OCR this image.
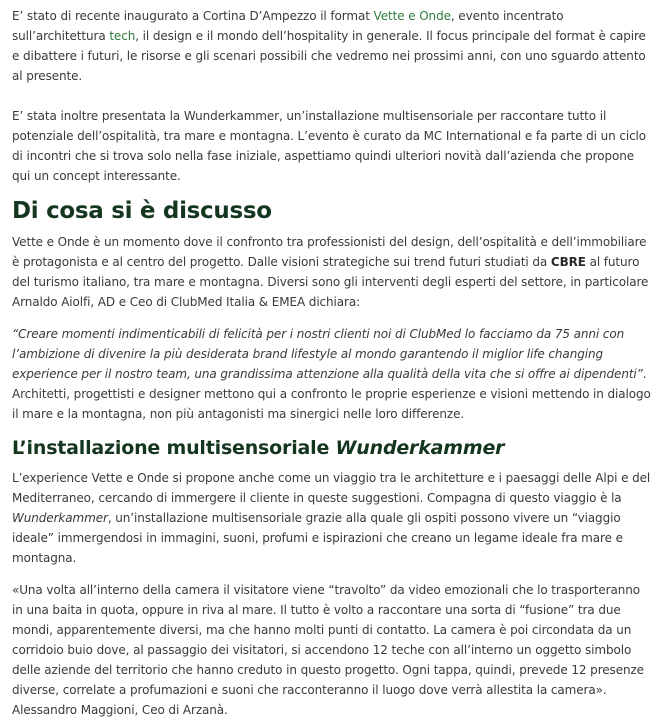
E’ stato di recente inaugurato a Cortina D’Ampezzo il format Vette e Onde, evento incentrato sull’architettura tech, il design e il mondo dell’hospitality in generale. Il focus principale del format è capire e dibattere i futuri, le risorse e gli scenari possibili che vedremo nei prossimi anni, con uno sguardo attento al presente.

E’ stata inoltre presentata la Wunderkammer, un’installazione multisensoriale per raccontare tutto il potenziale dell’ospitalità, tra mare e montagna. L’evento è curato da MC International e fa parte di un ciclo di incontri che si trova solo nella fase iniziale, aspettiamo quindi ulteriori novità dall’azienda che propone qui un concept interessante.

Di cosa si è discusso

Vette e Onde è un momento dove il confronto tra professionisti del design, dell’ospitalità e dell’immobiliare è protagonista e al centro del progetto. Dalle visioni strategiche sui trend futuri studiati da CBRE al futuro del turismo italiano, tra mare e montagna. Diversi sono gli interventi degli esperti del settore, in particolare Arnaldo Aiolfi, AD e Ceo di ClubMed Italia & EMEA dichiara:

“Creare momenti indimenticabili di felicità per i nostri clienti noi di ClubMed lo facciamo da 75 anni con l’ambizione di divenire la più desiderata brand lifestyle al mondo garantendo il miglior life changing experience per il nostro team, una grandissima attenzione alla qualità della vita che si offre ai dipendenti”. Architetti, progettisti e designer mettono qui a confronto le proprie esperienze e visioni mettendo in dialogo il mare e la montagna, non più antagonisti ma sinergici nelle loro differenze.

L’installazione multisensoriale Wunderkammer

L’experience Vette e Onde si propone anche come un viaggio tra le architetture e i paesaggi delle Alpi e del Mediterraneo, cercando di immergere il cliente in queste suggestioni. Compagna di questo viaggio è la Wunderkammer, un’installazione multisensoriale grazie alla quale gli ospiti possono vivere un “viaggio ideale” immergendosi in immagini, suoni, profumi e ispirazioni che creano un legame ideale fra mare e montagna.

«Una volta all’interno della camera il visitatore viene “travolto” da video emozionali che lo trasporteranno in una baita in quota, oppure in riva al mare. Il tutto è volto a raccontare una sorta di “fusione” tra due mondi, apparentemente diversi, ma che hanno molti punti di contatto. La camera è poi circondata da un corridoio buio dove, al passaggio dei visitatori, si accendono 12 teche con all’interno un oggetto simbolo delle aziende del territorio che hanno creduto in questo progetto. Ogni tappa, quindi, prevede 12 presenze diverse, correlate a profumazioni e suoni che racconteranno il luogo dove verrà allestita la camera». Alessandro Maggioni, Ceo di Arzanà.
